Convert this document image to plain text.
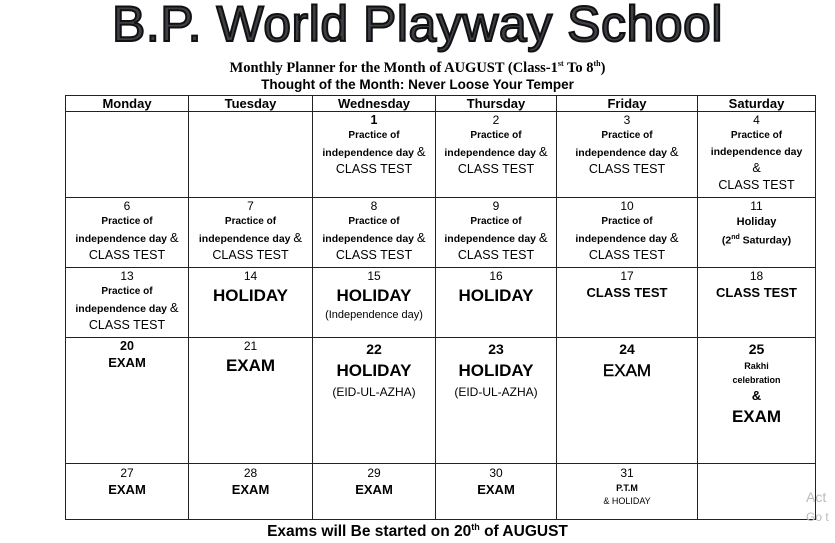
B.P. World Playway School
Monthly Planner for the Month of AUGUST (Class-1st To 8th)
Thought of the Month: Never Loose Your Temper
Monday	Tuesday	Wednesday	Thursday	Friday	Saturday

		1
Practice of
independence day &
CLASS TEST	2
Practice of
independence day &
CLASS TEST	3
Practice of
independence day &
CLASS TEST	4
Practice of
independence day
&
CLASS TEST

6
Practice of
independence day &
CLASS TEST	7
Practice of
independence day &
CLASS TEST	8
Practice of
independence day &
CLASS TEST	9
Practice of
independence day &
CLASS TEST	10
Practice of
independence day &
CLASS TEST	11
Holiday
(2nd Saturday)

13
Practice of
independence day &
CLASS TEST	14
HOLIDAY	15
HOLIDAY
(Independence day)	16
HOLIDAY	17
CLASS TEST	18
CLASS TEST

20
EXAM	21
EXAM	22
HOLIDAY
(EID-UL-AZHA)	23
HOLIDAY
(EID-UL-AZHA)	24
EXAM	25
Rakhi
celebration
&
EXAM

27
EXAM	28
EXAM	29
EXAM	30
EXAM	31
P.T.M
& HOLIDAY	

Exams will Be started on 20th of AUGUST
Act
Go t
